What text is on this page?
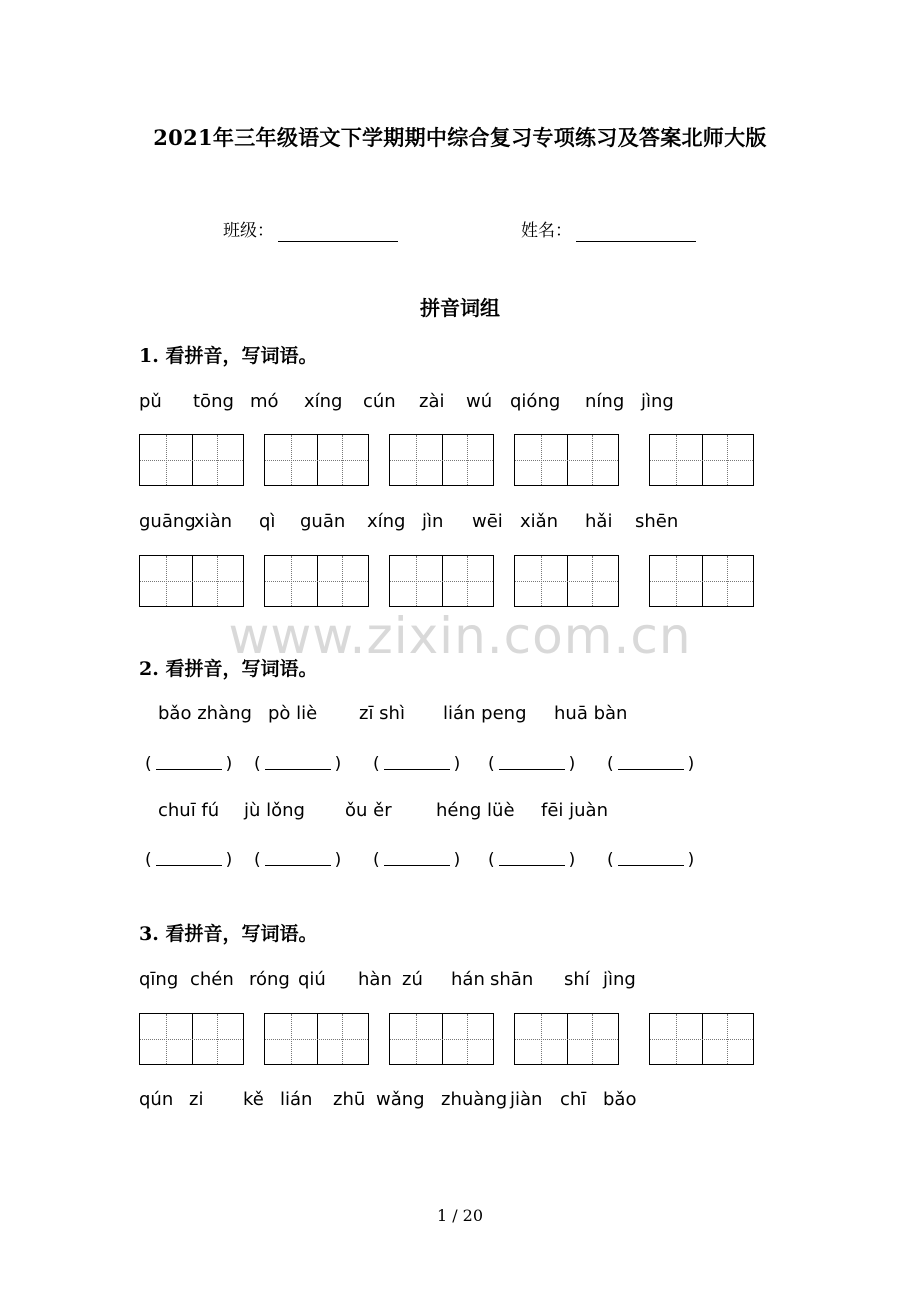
2021年三年级语文下学期期中综合复习专项练习及答案北师大版
班级：	姓名：
拼音词组
1. 看拼音，写词语。
pǔ tōng mó xíng cún zài wú qióng níng jìng
guāng
xiàn qì guān xíng jìn wēi xiǎn hǎi shēn
www.zixin.com.cn
2. 看拼音，写词语。
bǎo zhàng pò liè zī shì lián peng huā bàn
(	) (	) (	) (	) (	)
chuī fú jù lǒng ǒu ěr héng lüè fēi juàn
(	) (	) (	) (	) (	)
3. 看拼音，写词语。
qīng chén róng qiú hàn zú hán shān shí jìng
qún zi kě lián zhū wǎng zhuàng jiàn chī bǎo
1 / 20
